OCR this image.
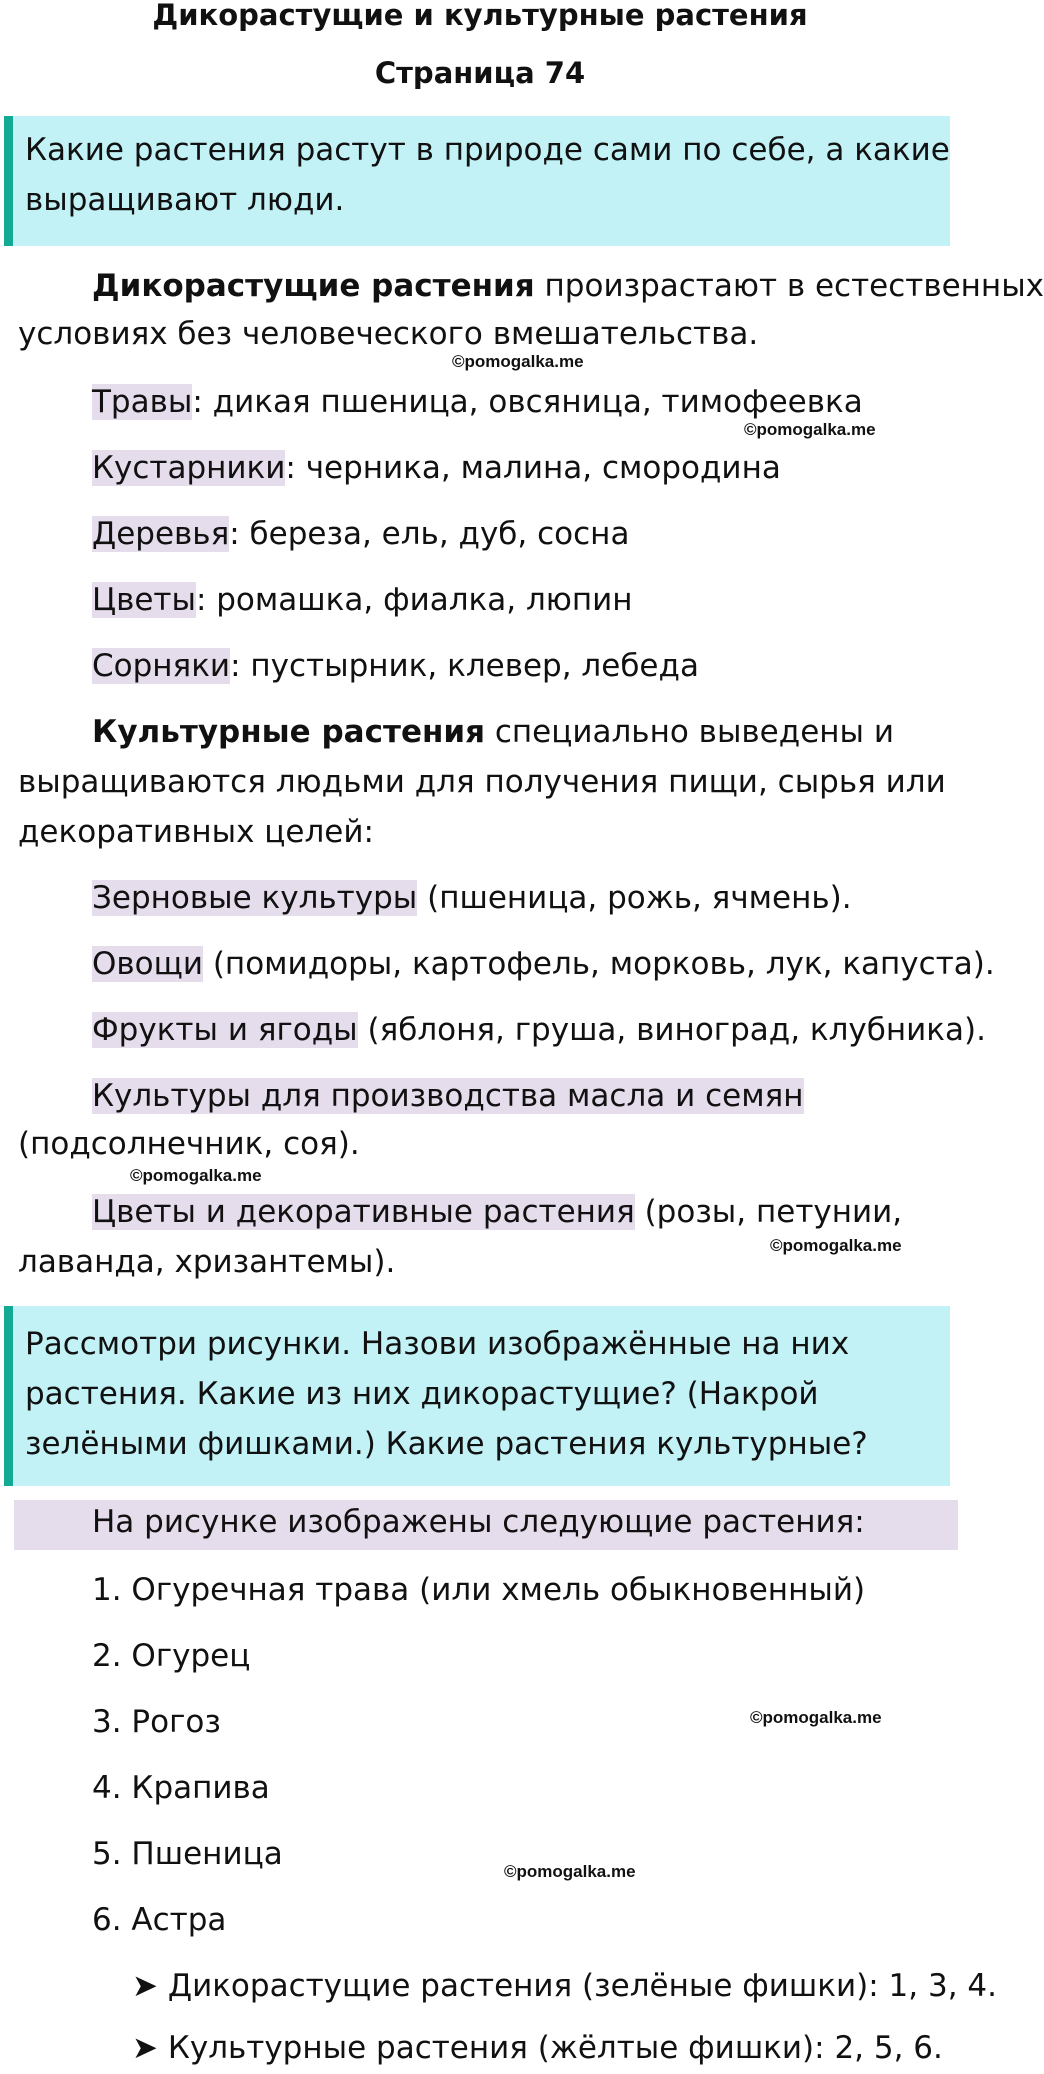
Дикорастущие и культурные растения
Страница 74
Какие растения растут в природе сами по себе, а какие
выращивают люди.
Дикорастущие растения произрастают в естественных
условиях без человеческого вмешательства.
Травы: дикая пшеница, овсяница, тимофеевка
Кустарники: черника, малина, смородина
Деревья: береза, ель, дуб, сосна
Цветы: ромашка, фиалка, люпин
Сорняки: пустырник, клевер, лебеда
Культурные растения специально выведены и
выращиваются людьми для получения пищи, сырья или
декоративных целей:
Зерновые культуры (пшеница, рожь, ячмень).
Овощи (помидоры, картофель, морковь, лук, капуста).
Фрукты и ягоды (яблоня, груша, виноград, клубника).
Культуры для производства масла и семян
(подсолнечник, соя).
Цветы и декоративные растения (розы, петунии,
лаванда, хризантемы).
Рассмотри рисунки. Назови изображённые на них
растения. Какие из них дикорастущие? (Накрой
зелёными фишками.) Какие растения культурные?
На рисунке изображены следующие растения:
1. Огуречная трава (или хмель обыкновенный)
2. Огурец
3. Рогоз
4. Крапива
5. Пшеница
6. Астра
➤ Дикорастущие растения (зелёные фишки): 1, 3, 4.
➤ Культурные растения (жёлтые фишки): 2, 5, 6.
©pomogalka.me
©pomogalka.me
©pomogalka.me
©pomogalka.me
©pomogalka.me
©pomogalka.me
